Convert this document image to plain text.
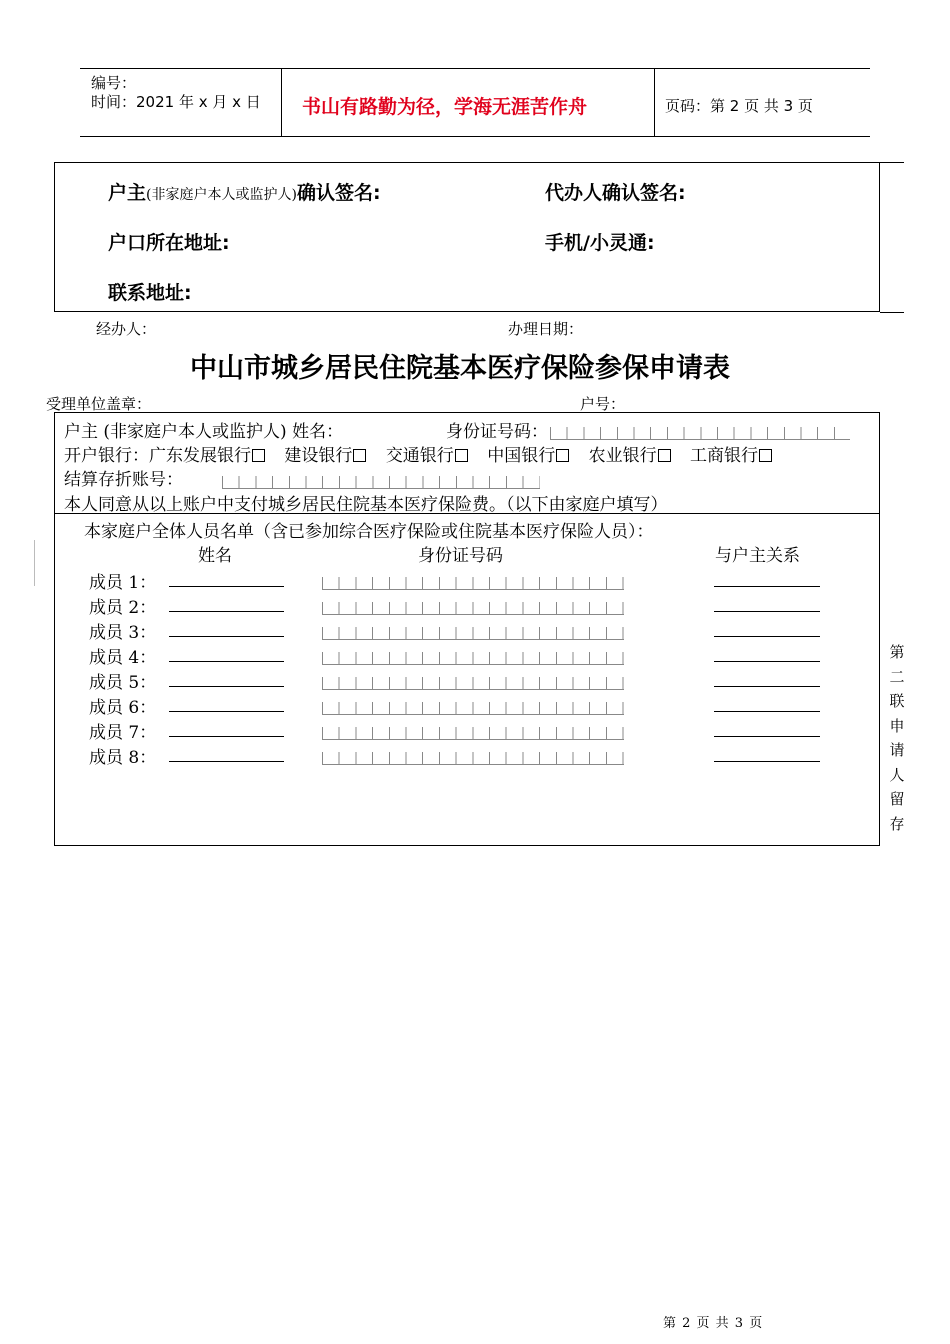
编号：
时间：2021 年 x 月 x 日 书山有路勤为径，学海无涯苦作舟	页码：第 2 页 共 3 页
户主(非家庭户本人或监护人)确认签名:	代办人确认签名:
户口所在地址:	手机/小灵通:
联系地址:
经办人：	办理日期：
中山市城乡居民住院基本医疗保险参保申请表
受理单位盖章：	户号：
户主 (非家庭户本人或监护人) 姓名：	身份证号码：
开户银行：广东发展银行 建设银行 交通银行 中国银行 农业银行 工商银行
结算存折账号：
本人同意从以上账户中支付城乡居民住院基本医疗保险费。（以下由家庭户填写）
本家庭户全体人员名单（含已参加综合医疗保险或住院基本医疗保险人员）：
姓名	身份证号码	与户主关系
成员 1：
成员 2：
成员 3：
成员 4：
成员 5：
成员 6：
成员 7：
成员 8：
第
二
联
申
请
人
留
存
第 2 页 共 3 页
